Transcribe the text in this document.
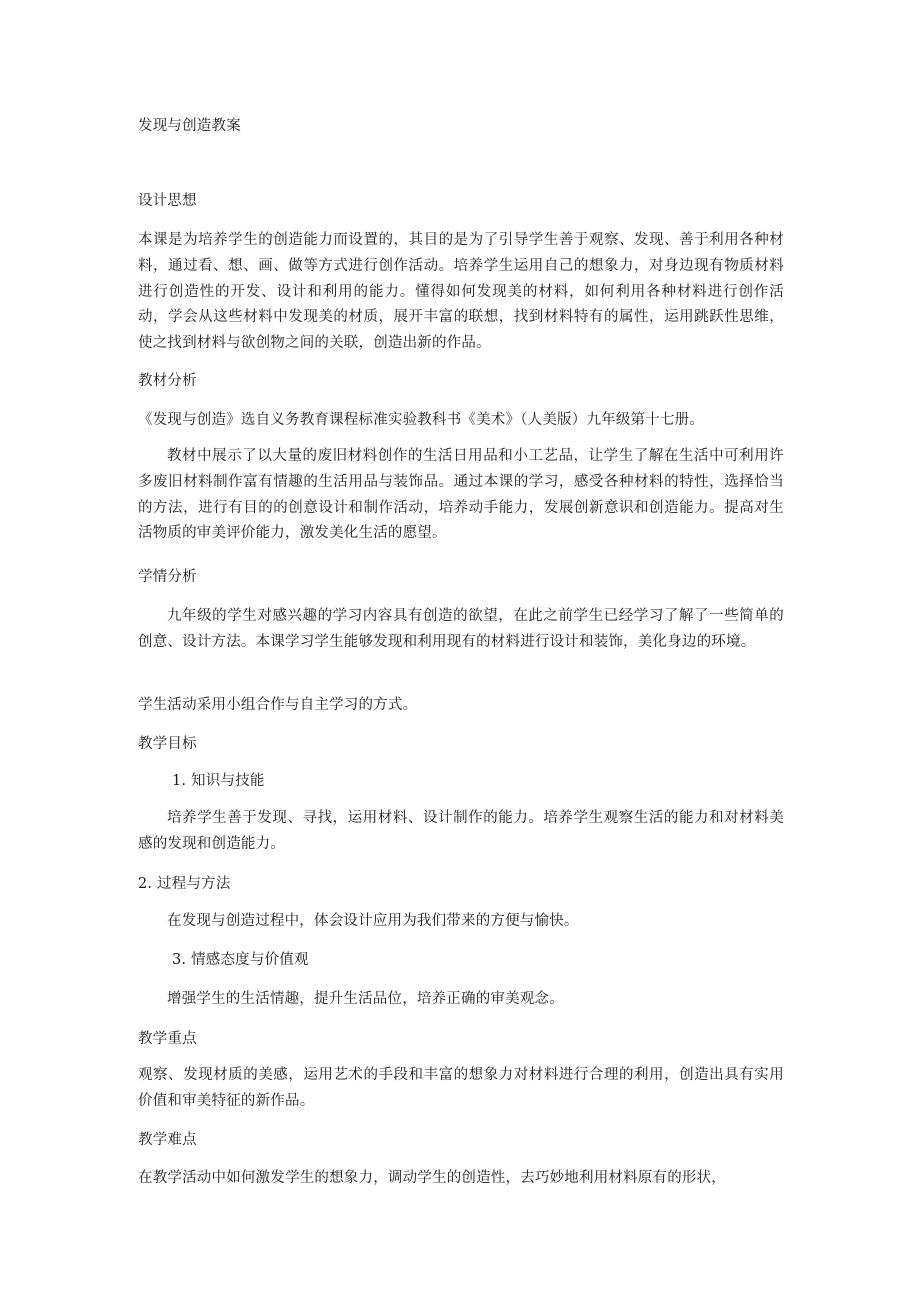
发现与创造教案

设计思想

本课是为培养学生的创造能力而设置的，其目的是为了引导学生善于观察、发现、善于利用各种材料，通过看、想、画、做等方式进行创作活动。培养学生运用自己的想象力，对身边现有物质材料进行创造性的开发、设计和利用的能力。懂得如何发现美的材料，如何利用各种材料进行创作活动，学会从这些材料中发现美的材质，展开丰富的联想，找到材料特有的属性，运用跳跃性思维，使之找到材料与欲创物之间的关联，创造出新的作品。

教材分析

《发现与创造》选自义务教育课程标准实验教科书《美术》（人美版）九年级第十七册。

教材中展示了以大量的废旧材料创作的生活日用品和小工艺品，让学生了解在生活中可利用许多废旧材料制作富有情趣的生活用品与装饰品。通过本课的学习，感受各种材料的特性，选择恰当的方法，进行有目的的创意设计和制作活动，培养动手能力，发展创新意识和创造能力。提高对生活物质的审美评价能力，激发美化生活的愿望。

学情分析

九年级的学生对感兴趣的学习内容具有创造的欲望，在此之前学生已经学习了解了一些简单的创意、设计方法。本课学习学生能够发现和利用现有的材料进行设计和装饰，美化身边的环境。

学生活动采用小组合作与自主学习的方式。

教学目标

1. 知识与技能

培养学生善于发现、寻找，运用材料、设计制作的能力。培养学生观察生活的能力和对材料美感的发现和创造能力。

2. 过程与方法

在发现与创造过程中，体会设计应用为我们带来的方便与愉快。

3. 情感态度与价值观

增强学生的生活情趣，提升生活品位，培养正确的审美观念。

教学重点

观察、发现材质的美感，运用艺术的手段和丰富的想象力对材料进行合理的利用，创造出具有实用价值和审美特征的新作品。

教学难点

在教学活动中如何激发学生的想象力，调动学生的创造性，去巧妙地利用材料原有的形状，
